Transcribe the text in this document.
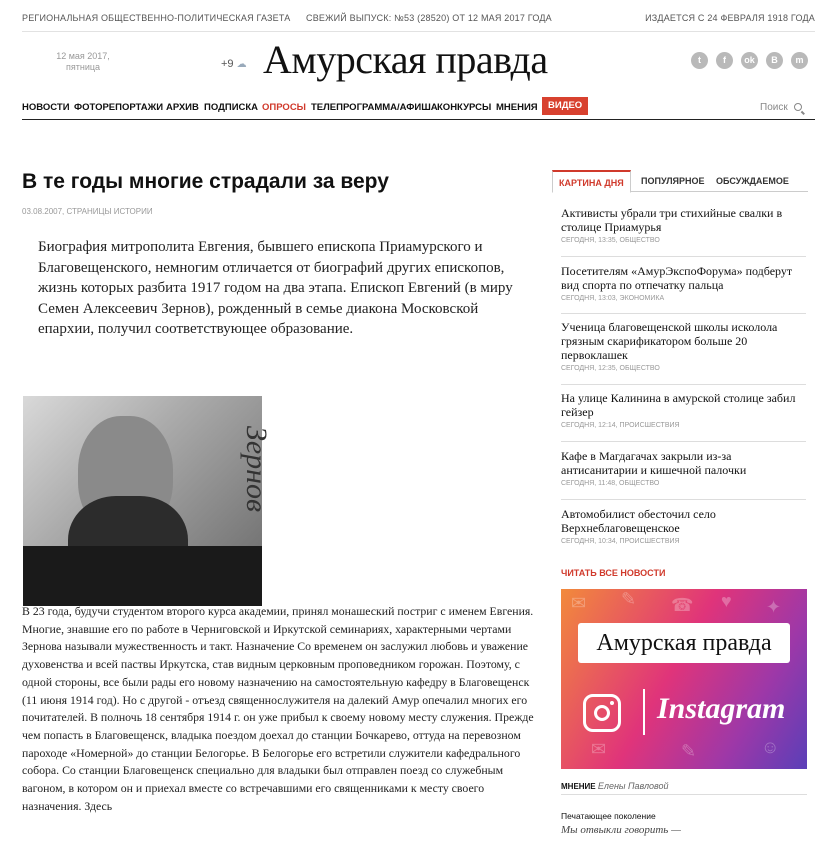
РЕГИОНАЛЬНАЯ ОБЩЕСТВЕННО-ПОЛИТИЧЕСКАЯ ГАЗЕТА СВЕЖИЙ ВЫПУСК: №53 (28520) ОТ 12 МАЯ 2017 ГОДА	ИЗДАЕТСЯ С 24 ФЕВРАЛЯ 1918 ГОДА
12 мая 2017,
пятница	+9 ☁ Амурская правда	t	f	ok	В	m
НОВОСТИ ФОТОРЕПОРТАЖИ АРХИВ ПОДПИСКА ОПРОСЫ ТЕЛЕПРОГРАММА/АФИША КОНКУРСЫ МНЕНИЯ	ВИДЕО	Поиск
В те годы многие страдали за веру
03.08.2007, СТРАНИЦЫ ИСТОРИИ
Биография митрополита Евгения, бывшего епископа Приамурского и Благовещенского, немногим отличается от биографий других епископов, жизнь которых разбита 1917 годом на два этапа. Епископ Евгений (в миру Семен Алексеевич Зернов), рожденный в семье диакона Московской епархии, получил соответствующее образование.
Зернов
В 23 года, будучи студентом второго курса академии, принял монашеский постриг с именем Евгения. Многие, знавшие его по работе в Черниговской и Иркутской семинариях, характерными чертами Зернова называли мужественность и такт. Назначение Со временем он заслужил любовь и уважение духовенства и всей паствы Иркутска, став видным церковным проповедником горожан. Поэтому, с одной стороны, все были рады его новому назначению на самостоятельную кафедру в Благовещенск (11 июня 1914 год). Но с другой - отъезд священнослужителя на далекий Амур опечалил многих его почитателей. В полночь 18 сентября 1914 г. он уже прибыл к своему новому месту служения. Прежде чем попасть в Благовещенск, владыка поездом доехал до станции Бочкарево, оттуда на перевозном пароходе «Номерной» до станции Белогорье. В Белогорье его встретили служители кафедрального собора. Со станции Благовещенск специально для владыки был отправлен поезд со служебным вагоном, в котором он и приехал вместе со встречавшими его священниками к месту своего назначения. Здесь
КАРТИНА ДНЯ	ПОПУЛЯРНОЕ ОБСУЖДАЕМОЕ
Активисты убрали три стихийные свалки в столице Приамурья
СЕГОДНЯ, 13:35, ОБЩЕСТВО
Посетителям «АмурЭкспоФорума» подберут вид спорта по отпечатку пальца
СЕГОДНЯ, 13:03, ЭКОНОМИКА
Ученица благовещенской школы исколола грязным скарификатором больше 20 первоклашек
СЕГОДНЯ, 12:35, ОБЩЕСТВО
На улице Калинина в амурской столице забил гейзер
СЕГОДНЯ, 12:14, ПРОИСШЕСТВИЯ
Кафе в Магдагачах закрыли из-за антисанитарии и кишечной палочки
СЕГОДНЯ, 11:48, ОБЩЕСТВО
Автомобилист обесточил село Верхнеблаговещенское
СЕГОДНЯ, 10:34, ПРОИСШЕСТВИЯ
ЧИТАТЬ ВСЕ НОВОСТИ
✉ ✎ ☎ ♥ ✦
✉	✎	☺
Амурская правда
Instagram
МНЕНИЕ Елены Павловой
Печатающее поколение
Мы отвыкли говорить —
